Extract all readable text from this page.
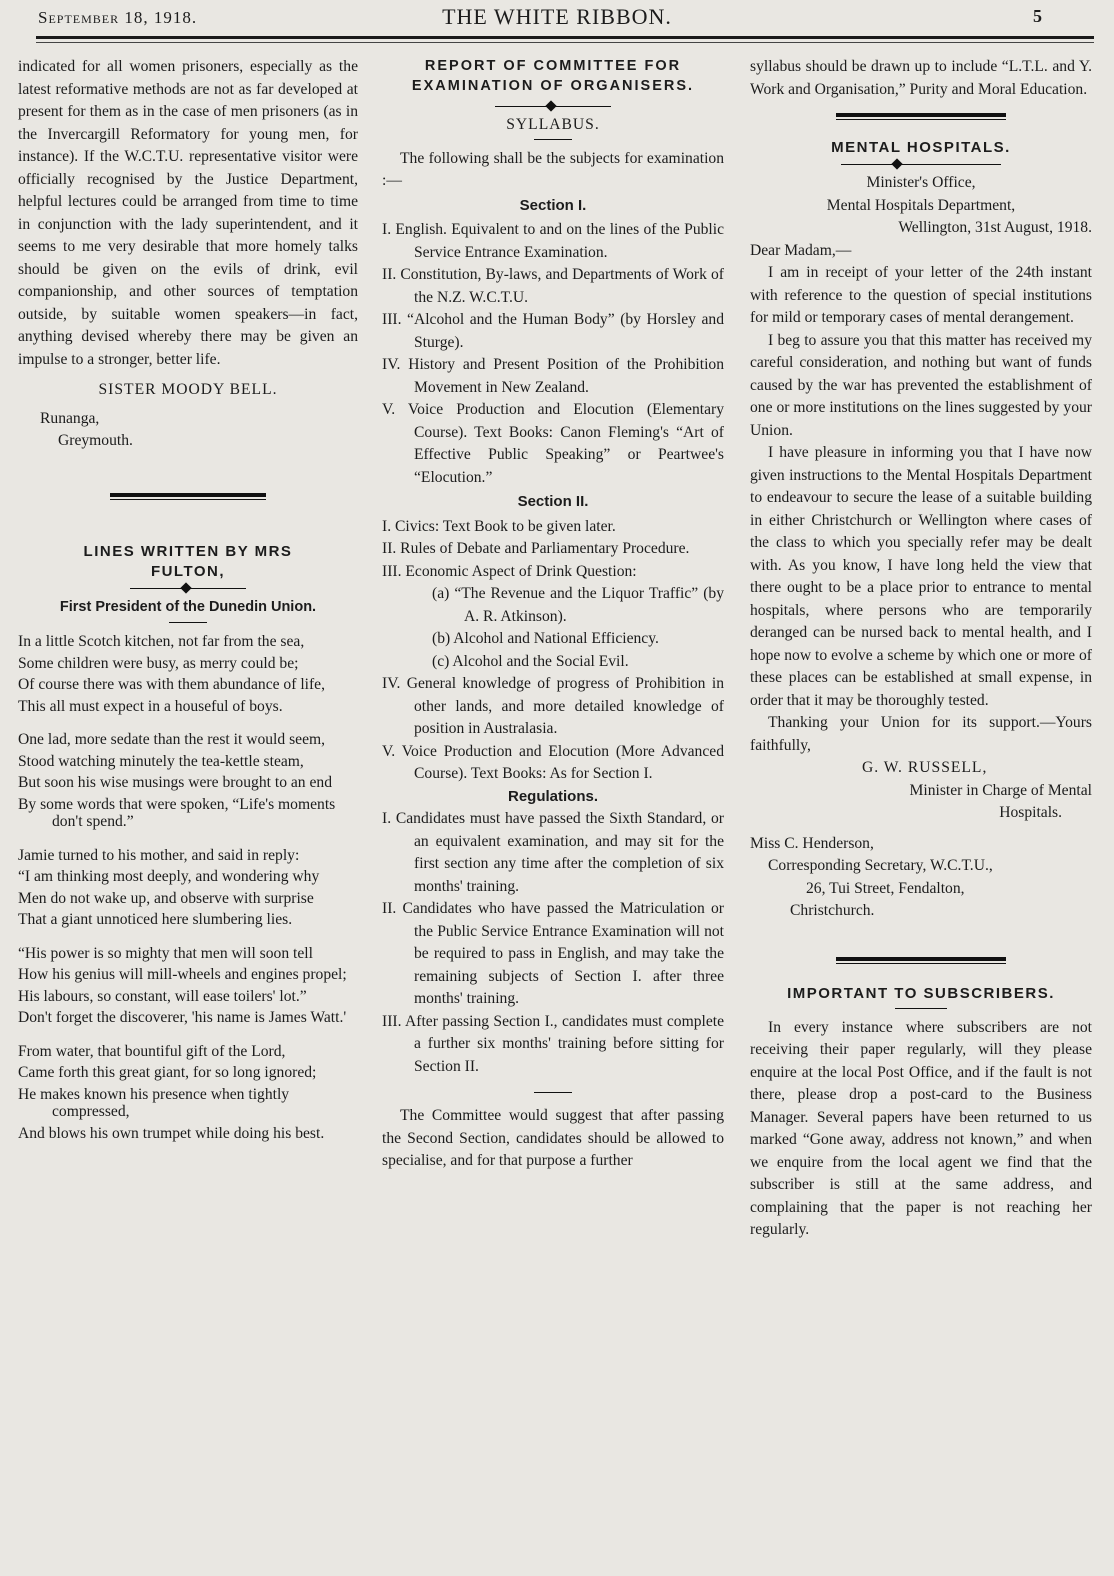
September 18, 1918.	THE WHITE RIBBON.	5

indicated for all women prisoners, especially as the latest reformative methods are not as far developed at present for them as in the case of men prisoners (as in the Invercargill Reformatory for young men, for instance). If the W.C.T.U. representative visitor were officially recognised by the Justice Department, helpful lectures could be arranged from time to time in conjunction with the lady superintendent, and it seems to me very desirable that more homely talks should be given on the evils of drink, evil companionship, and other sources of temptation outside, by suitable women speakers—in fact, anything devised whereby there may be given an impulse to a stronger, better life.

SISTER MOODY BELL.

Runanga,

Greymouth.

LINES WRITTEN BY MRS FULTON,

First President of the Dunedin Union.

In a little Scotch kitchen, not far from the sea,

Some children were busy, as merry could be;

Of course there was with them abundance of life,

This all must expect in a houseful of boys.

One lad, more sedate than the rest it would seem,

Stood watching minutely the tea-kettle steam,

But soon his wise musings were brought to an end

By some words that were spoken, “Life's moments don't spend.”

Jamie turned to his mother, and said in reply:

“I am thinking most deeply, and wondering why

Men do not wake up, and observe with surprise

That a giant unnoticed here slumbering lies.

“His power is so mighty that men will soon tell

How his genius will mill-wheels and engines propel;

His labours, so constant, will ease toilers' lot.”

Don't forget the discoverer, 'his name is James Watt.'

From water, that bountiful gift of the Lord,

Came forth this great giant, for so long ignored;

He makes known his presence when tightly compressed,

And blows his own trumpet while doing his best.

REPORT OF COMMITTEE FOR

EXAMINATION OF ORGANISERS.

SYLLABUS.

The following shall be the subjects for examination :—

Section I.

I. English. Equivalent to and on the lines of the Public Service Entrance Examination.

II. Constitution, By-laws, and Departments of Work of the N.Z. W.C.T.U.

III. “Alcohol and the Human Body” (by Horsley and Sturge).

IV. History and Present Position of the Prohibition Movement in New Zealand.

V. Voice Production and Elocution (Elementary Course). Text Books: Canon Fleming's “Art of Effective Public Speaking” or Peartwee's “Elocution.”

Section II.

I. Civics: Text Book to be given later.

II. Rules of Debate and Parliamentary Procedure.

III. Economic Aspect of Drink Question:

(a) “The Revenue and the Liquor Traffic” (by A. R. Atkinson).

(b) Alcohol and National Efficiency.

(c) Alcohol and the Social Evil.

IV. General knowledge of progress of Prohibition in other lands, and more detailed knowledge of position in Australasia.

V. Voice Production and Elocution (More Advanced Course). Text Books: As for Section I.

Regulations.

I. Candidates must have passed the Sixth Standard, or an equivalent examination, and may sit for the first section any time after the completion of six months' training.

II. Candidates who have passed the Matriculation or the Public Service Entrance Examination will not be required to pass in English, and may take the remaining subjects of Section I. after three months' training.

III. After passing Section I., candidates must complete a further six months' training before sitting for Section II.

The Committee would suggest that after passing the Second Section, candidates should be allowed to specialise, and for that purpose a further

syllabus should be drawn up to include “L.T.L. and Y. Work and Organisation,” Purity and Moral Education.

MENTAL HOSPITALS.

Minister's Office,

Mental Hospitals Department,

Wellington, 31st August, 1918.

Dear Madam,—

I am in receipt of your letter of the 24th instant with reference to the question of special institutions for mild or temporary cases of mental derangement.

I beg to assure you that this matter has received my careful consideration, and nothing but want of funds caused by the war has prevented the establishment of one or more institutions on the lines suggested by your Union.

I have pleasure in informing you that I have now given instructions to the Mental Hospitals Department to endeavour to secure the lease of a suitable building in either Christchurch or Wellington where cases of the class to which you specially refer may be dealt with. As you know, I have long held the view that there ought to be a place prior to entrance to mental hospitals, where persons who are temporarily deranged can be nursed back to mental health, and I hope now to evolve a scheme by which one or more of these places can be established at small expense, in order that it may be thoroughly tested.

Thanking your Union for its support.—Yours faithfully,

G. W. RUSSELL,

Minister in Charge of Mental

Hospitals.

Miss C. Henderson,

Corresponding Secretary, W.C.T.U.,

26, Tui Street, Fendalton,

Christchurch.

IMPORTANT TO SUBSCRIBERS.

In every instance where subscribers are not receiving their paper regularly, will they please enquire at the local Post Office, and if the fault is not there, please drop a post-card to the Business Manager. Several papers have been returned to us marked “Gone away, address not known,” and when we enquire from the local agent we find that the subscriber is still at the same address, and complaining that the paper is not reaching her regularly.
